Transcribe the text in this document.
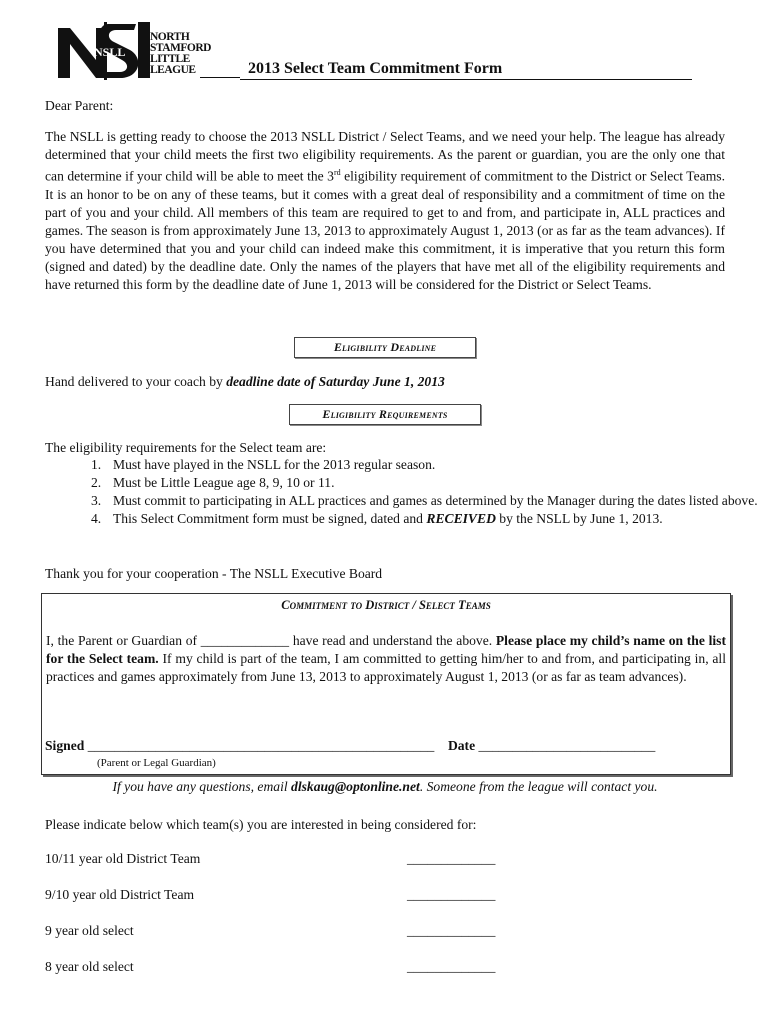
NSLL
NORTH
STAMFORD
LITTLE
LEAGUE	2013 Select Team Commitment Form
Dear Parent:
The NSLL is getting ready to choose the 2013 NSLL District / Select Teams, and we need your help. The league has already determined that your child meets the first two eligibility requirements. As the parent or guardian, you are the only one that can determine if your child will be able to meet the 3rd eligibility requirement of commitment to the District or Select Teams. It is an honor to be on any of these teams, but it comes with a great deal of responsibility and a commitment of time on the part of you and your child. All members of this team are required to get to and from, and participate in, ALL practices and games. The season is from approximately June 13, 2013 to approximately August 1, 2013 (or as far as the team advances). If you have determined that you and your child can indeed make this commitment, it is imperative that you return this form (signed and dated) by the deadline date. Only the names of the players that have met all of the eligibility requirements and have returned this form by the deadline date of June 1, 2013 will be considered for the District or Select Teams.
Eligibility Deadline
Hand delivered to your coach by deadline date of Saturday June 1, 2013
Eligibility Requirements
The eligibility requirements for the Select team are:
1. Must have played in the NSLL for the 2013 regular season.
2. Must be Little League age 8, 9, 10 or 11.
3. Must commit to participating in ALL practices and games as determined by the Manager during the dates listed above.
4. This Select Commitment form must be signed, dated and RECEIVED by the NSLL by June 1, 2013.
Thank you for your cooperation - The NSLL Executive Board
Commitment to District / Select Teams
I, the Parent or Guardian of _____________ have read and understand the above. Please place my child’s name on the list for the Select team. If my child is part of the team, I am committed to getting him/her to and from, and participating in, all practices and games approximately from June 13, 2013 to approximately August 1, 2013 (or as far as team advances).
Signed ___________________________________________________ Date __________________________
(Parent or Legal Guardian)
If you have any questions, email dlskaug@optonline.net. Someone from the league will contact you.
Please indicate below which team(s) you are interested in being considered for:
10/11 year old District Team	_____________
9/10 year old District Team	_____________
9 year old select	_____________
8 year old select	_____________
